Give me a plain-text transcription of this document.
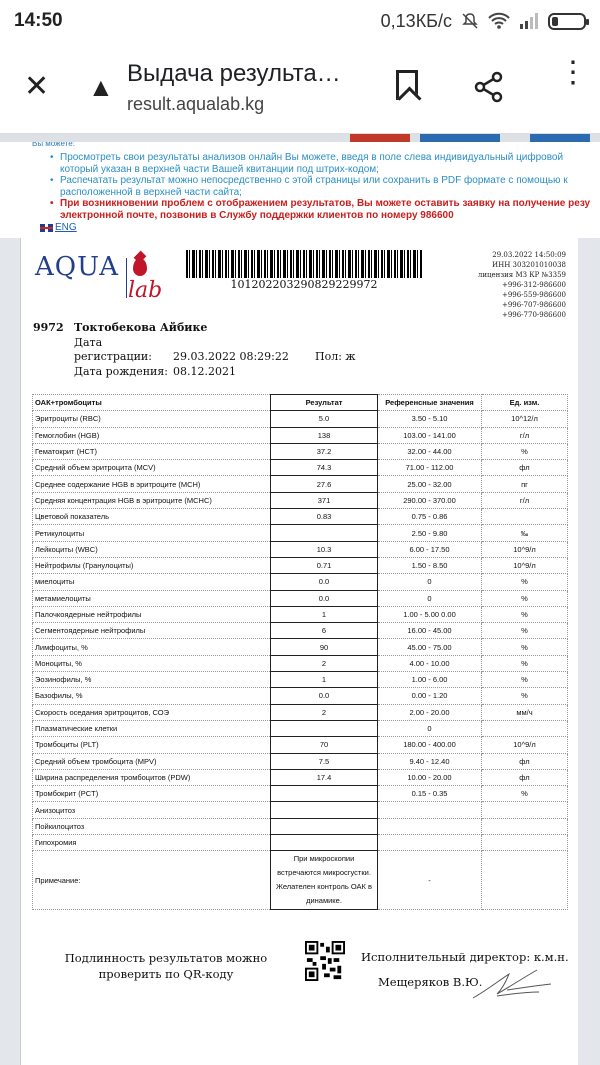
14:50	0,13КБ/с
✕ ▲ Выдача результа…
result.aqualab.kg
⋮
Вы можете:
• Просмотреть свои результаты анализов онлайн Вы можете, введя в поле слева индивидуальный цифровой
который указан в верхней части Вашей квитанции под штрих-кодом;
• Распечатать результат можно непосредственно с этой страницы или сохранить в PDF формате с помощью к
расположенной в верхней части сайта;
• При возникновении проблем с отображением результатов, Вы можете оставить заявку на получение резу
электронной почте, позвонив в Службу поддержки клиентов по номеру 986600
ENG
AQUA
lab	101202203290829229972
29.03.2022 14:50:09
ИНН 303201010038
лицензия МЗ КР №3359
+996-312-986600
+996-559-986600
+996-707-986600
+996-770-986600
9972 Токтобекова Айбике
Дата
регистрации: 29.03.2022 08:29:22 Пол: ж
Дата рождения: 08.12.2021
ОАК+тромбоциты	Результат	Референсные значения	Ед. изм.
Эритроциты (RBC)	5.0	3.50 - 5.10	10^12/л
Гемоглобин (HGB)	138	103.00 - 141.00	г/л
Гематокрит (HCT)	37.2	32.00 - 44.00	%
Средний объем эритроцита (MCV)	74.3	71.00 - 112.00	фл
Среднее содержание HGB в эритроците (MCH)	27.6	25.00 - 32.00	пг
Средняя концентрация HGB в эритроците (MCHC)	371	290.00 - 370.00	г/л
Цветовой показатель	0.83	0.75 - 0.86	
Ретикулоциты		2.50 - 9.80	‰
Лейкоциты (WBC)	10.3	6.00 - 17.50	10^9/л
Нейтрофилы (Гранулоциты)	0.71	1.50 - 8.50	10^9/л
миелоциты	0.0	0	%
метамиелоциты	0.0	0	%
Палочкоядерные нейтрофилы	1	1.00 - 5.00 0.00	%
Сегментоядерные нейтрофилы	6	16.00 - 45.00	%
Лимфоциты, %	90	45.00 - 75.00	%
Моноциты, %	2	4.00 - 10.00	%
Эозинофилы, %	1	1.00 - 6.00	%
Базофилы, %	0.0	0.00 - 1.20	%
Скорость оседания эритроцитов, СОЭ	2	2.00 - 20.00	мм/ч
Плазматические клетки		0	
Тромбоциты (PLT)	70	180.00 - 400.00	10^9/л
Средний объем тромбоцита (MPV)	7.5	9.40 - 12.40	фл
Ширина распределения тромбоцитов (PDW)	17.4	10.00 - 20.00	фл
Тромбокрит (PCT)		0.15 - 0.35	%
Анизоцитоз			
Пойкилоцитоз			
Гипохромия			
Примечание:	При микроскопии встречаются микросгустки. Желателен контроль ОАК в динамике.	-	
Подлинность результатов можно проверить по QR-коду
Исполнительный директор: к.м.н.
Мещеряков В.Ю.
